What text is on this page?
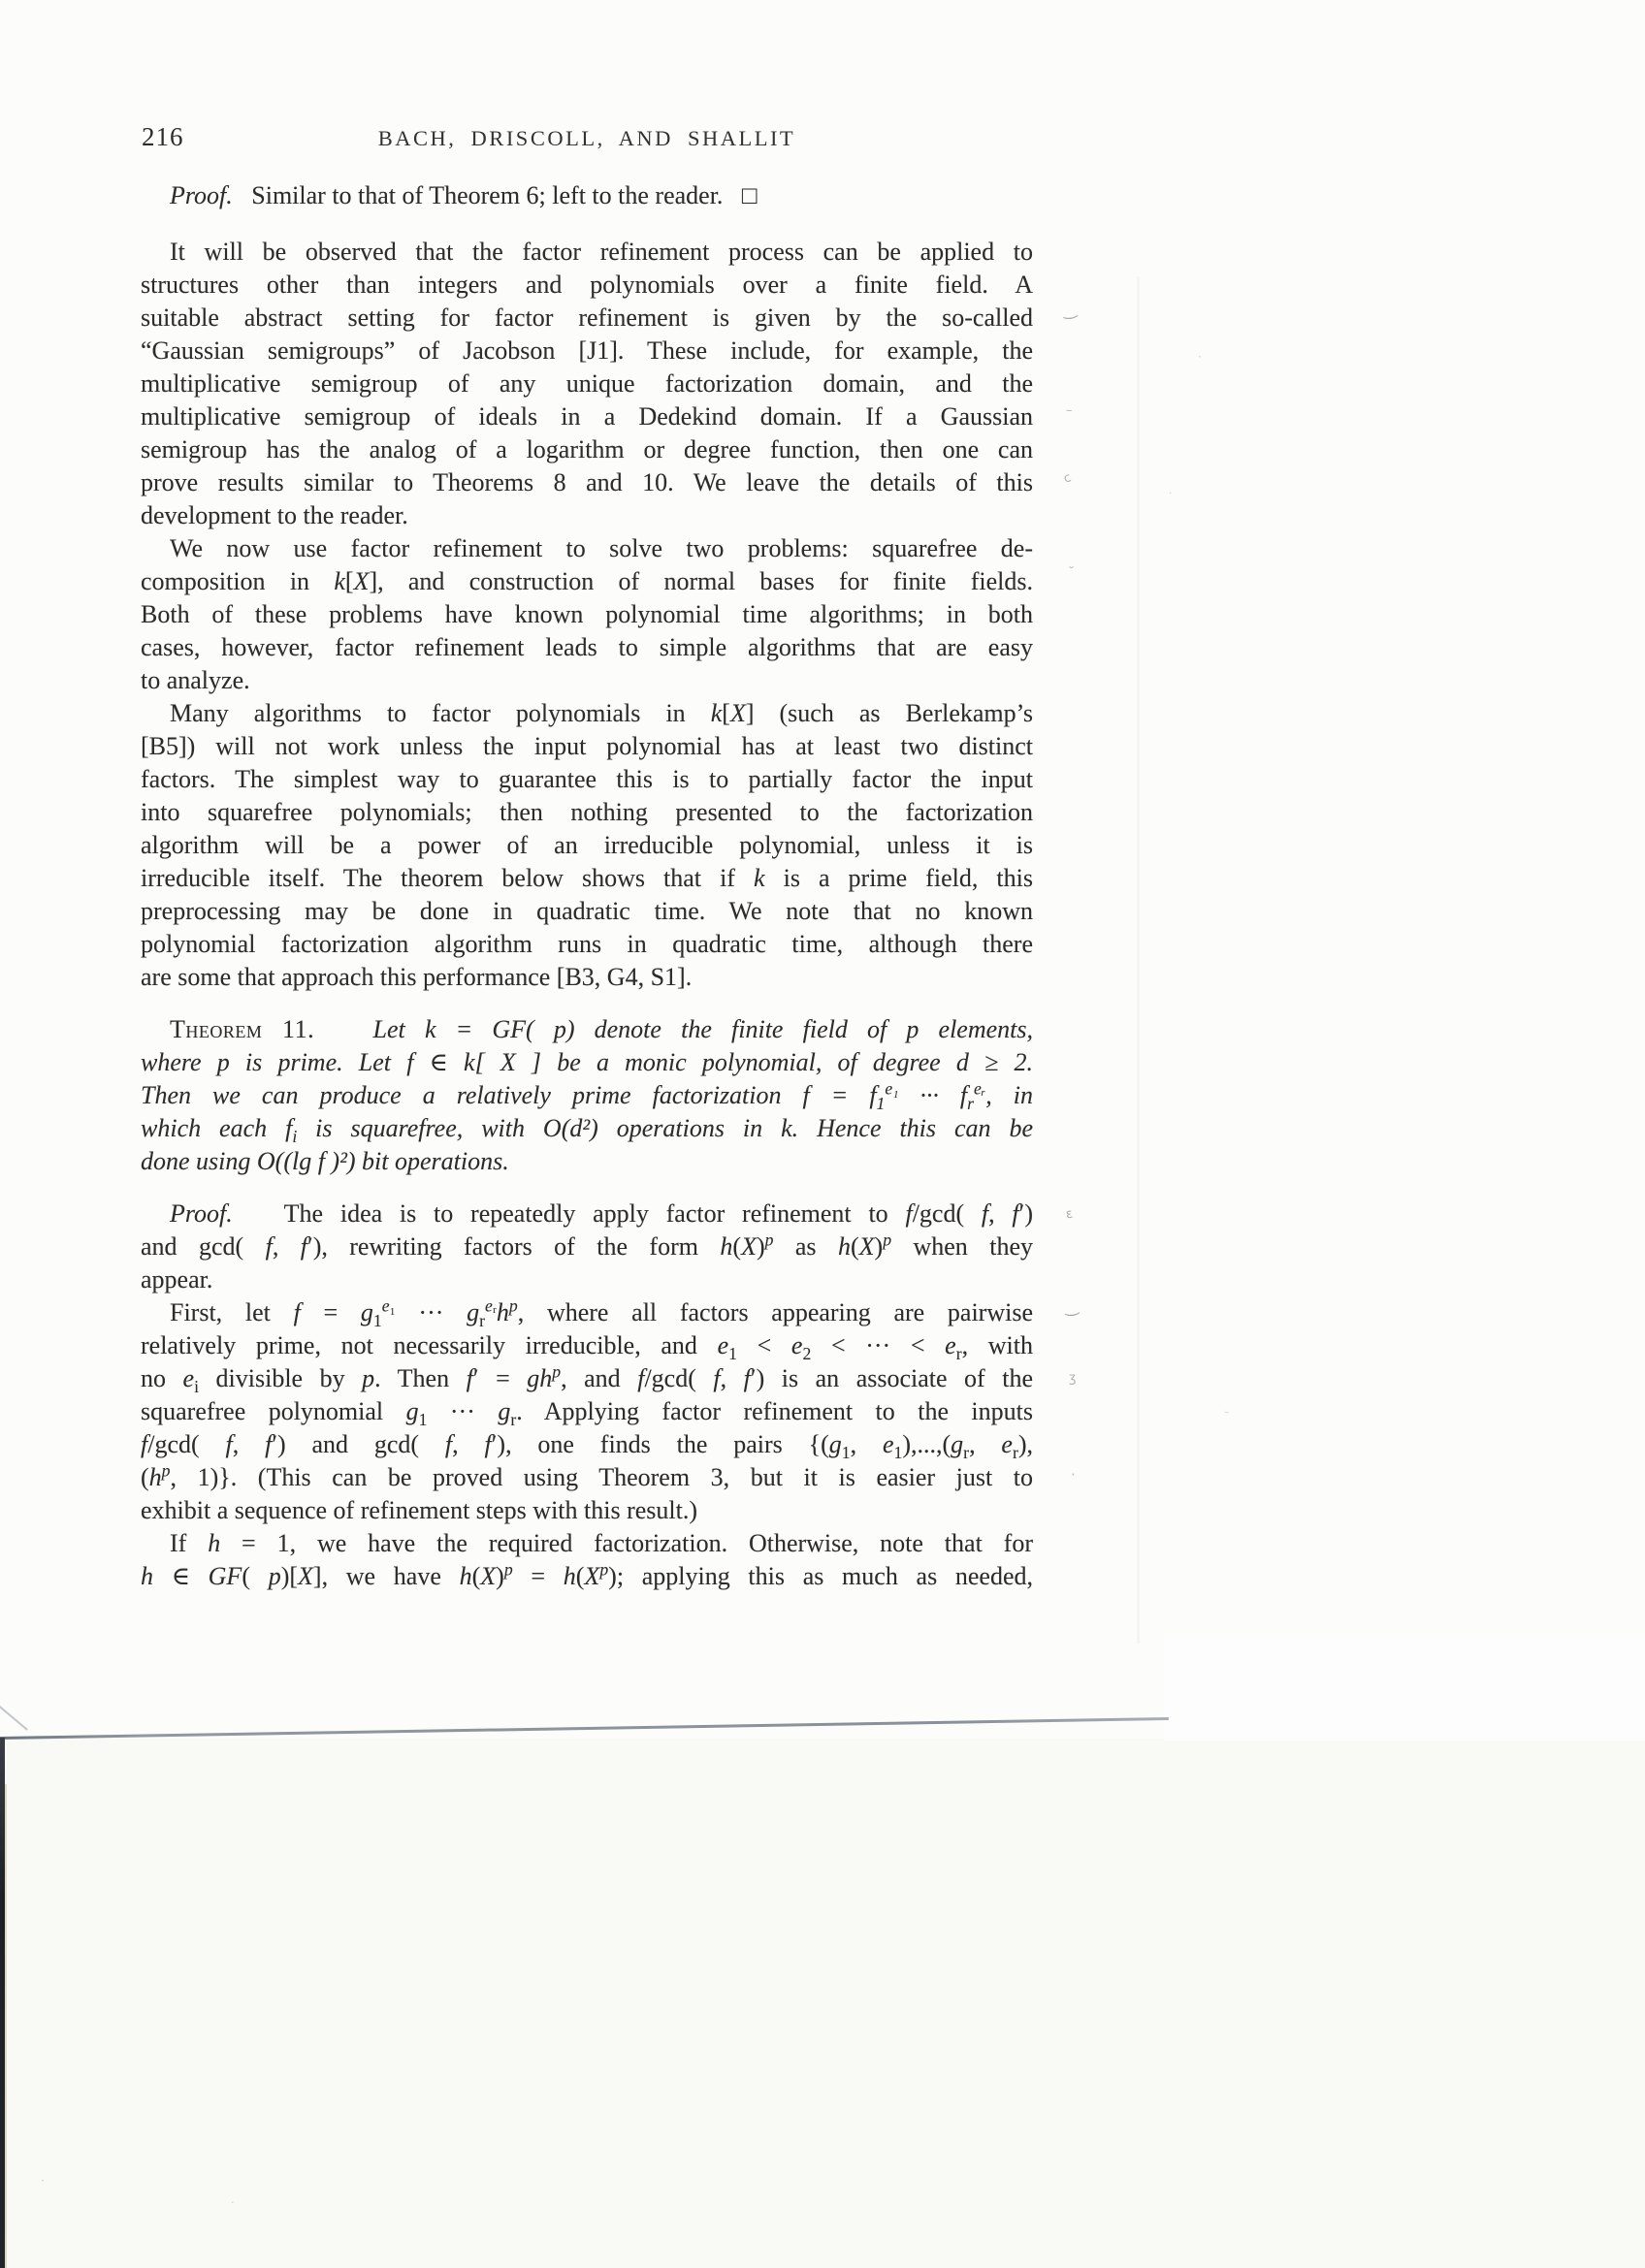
216	BACH, DRISCOLL, AND SHALLIT
Proof.   Similar to that of Theorem 6; left to the reader.   □
It will be observed that the factor refinement process can be applied to
structures other than integers and polynomials over a finite field. A
suitable abstract setting for factor refinement is given by the so-called
“Gaussian semigroups” of Jacobson [J1]. These include, for example, the
multiplicative semigroup of any unique factorization domain, and the
multiplicative semigroup of ideals in a Dedekind domain. If a Gaussian
semigroup has the analog of a logarithm or degree function, then one can
prove results similar to Theorems 8 and 10. We leave the details of this
development to the reader.
We now use factor refinement to solve two problems: squarefree de-
composition in k[X], and construction of normal bases for finite fields.
Both of these problems have known polynomial time algorithms; in both
cases, however, factor refinement leads to simple algorithms that are easy
to analyze.
Many algorithms to factor polynomials in k[X] (such as Berlekamp’s
[B5]) will not work unless the input polynomial has at least two distinct
factors. The simplest way to guarantee this is to partially factor the input
into squarefree polynomials; then nothing presented to the factorization
algorithm will be a power of an irreducible polynomial, unless it is
irreducible itself. The theorem below shows that if k is a prime field, this
preprocessing may be done in quadratic time. We note that no known
polynomial factorization algorithm runs in quadratic time, although there
are some that approach this performance [B3, G4, S1].
Theorem 11.   Let k = GF( p) denote the finite field of p elements,
where p is prime. Let f ∈ k[ X ] be a monic polynomial, of degree d ≥ 2.
Then we can produce a relatively prime factorization $f = f_1^{e_1}$ ··· $f_r^{eᵣ}$, in
which each $f_i$ is squarefree, with O(d²) operations in k. Hence this can be
done using O((lg f )²) bit operations.
Proof.   The idea is to repeatedly apply factor refinement to f/gcd( f, f′)
and gcd( f, f′), rewriting factors of the form $h(X)^p$ as $h(X)^p$ when they
appear.
First, let $f = g_1^{e_1}$ ··· $g_r^{eᵣ}h^p$, where all factors appearing are pairwise
relatively prime, not necessarily irreducible, and $e_1 < e_2$ < ··· < $e_r$, with
no $e_i$ divisible by p. Then $f' = gh^p$, and f/gcd( f, f′) is an associate of the
squarefree polynomial $g_1$ ··· $g_r$. Applying factor refinement to the inputs
f/gcd( f, f′) and gcd( f, f′), one finds the pairs {($g_1$, $e_1),...,(g_r$, $e_r$),
($h^p$, 1)}. (This can be proved using Theorem 3, but it is easier just to
exhibit a sequence of refinement steps with this result.)
If h = 1, we have the required factorization. Otherwise, note that for
h ∈ GF( p)[X], we have $h(X)^p = h(X^p)$; applying this as much as needed,
‿
–
c
˘
ε
‿
ʒ
·
·
·
–
·
·
